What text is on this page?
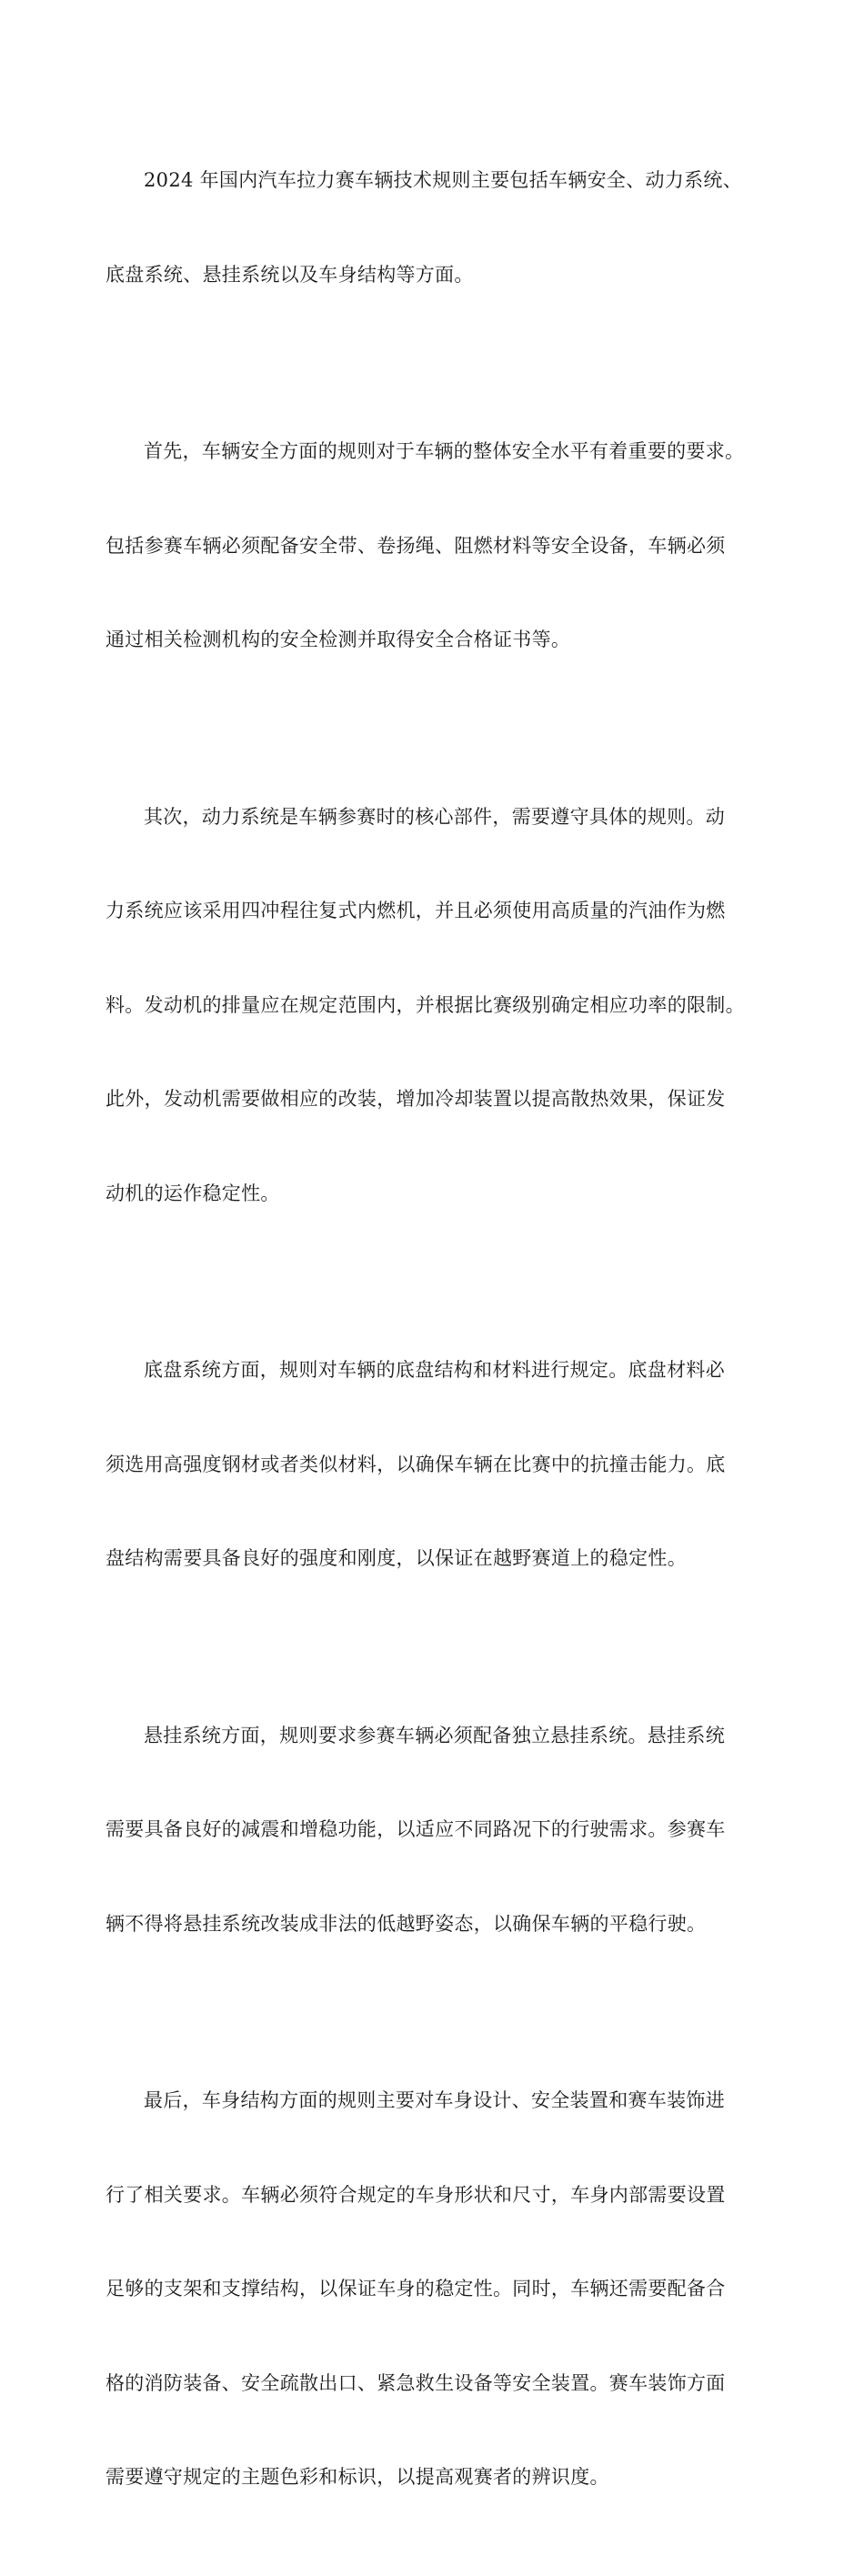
2024 年国内汽车拉力赛车辆技术规则主要包括车辆安全、动力系统、

底盘系统、悬挂系统以及车身结构等方面。

首先，车辆安全方面的规则对于车辆的整体安全水平有着重要的要求。

包括参赛车辆必须配备安全带、卷扬绳、阻燃材料等安全设备，车辆必须

通过相关检测机构的安全检测并取得安全合格证书等。

其次，动力系统是车辆参赛时的核心部件，需要遵守具体的规则。动

力系统应该采用四冲程往复式内燃机，并且必须使用高质量的汽油作为燃

料。发动机的排量应在规定范围内，并根据比赛级别确定相应功率的限制。

此外，发动机需要做相应的改装，增加冷却装置以提高散热效果，保证发

动机的运作稳定性。

底盘系统方面，规则对车辆的底盘结构和材料进行规定。底盘材料必

须选用高强度钢材或者类似材料，以确保车辆在比赛中的抗撞击能力。底

盘结构需要具备良好的强度和刚度，以保证在越野赛道上的稳定性。

悬挂系统方面，规则要求参赛车辆必须配备独立悬挂系统。悬挂系统

需要具备良好的减震和增稳功能，以适应不同路况下的行驶需求。参赛车

辆不得将悬挂系统改装成非法的低越野姿态，以确保车辆的平稳行驶。

最后，车身结构方面的规则主要对车身设计、安全装置和赛车装饰进

行了相关要求。车辆必须符合规定的车身形状和尺寸，车身内部需要设置

足够的支架和支撑结构，以保证车身的稳定性。同时，车辆还需要配备合

格的消防装备、安全疏散出口、紧急救生设备等安全装置。赛车装饰方面

需要遵守规定的主题色彩和标识，以提高观赛者的辨识度。
